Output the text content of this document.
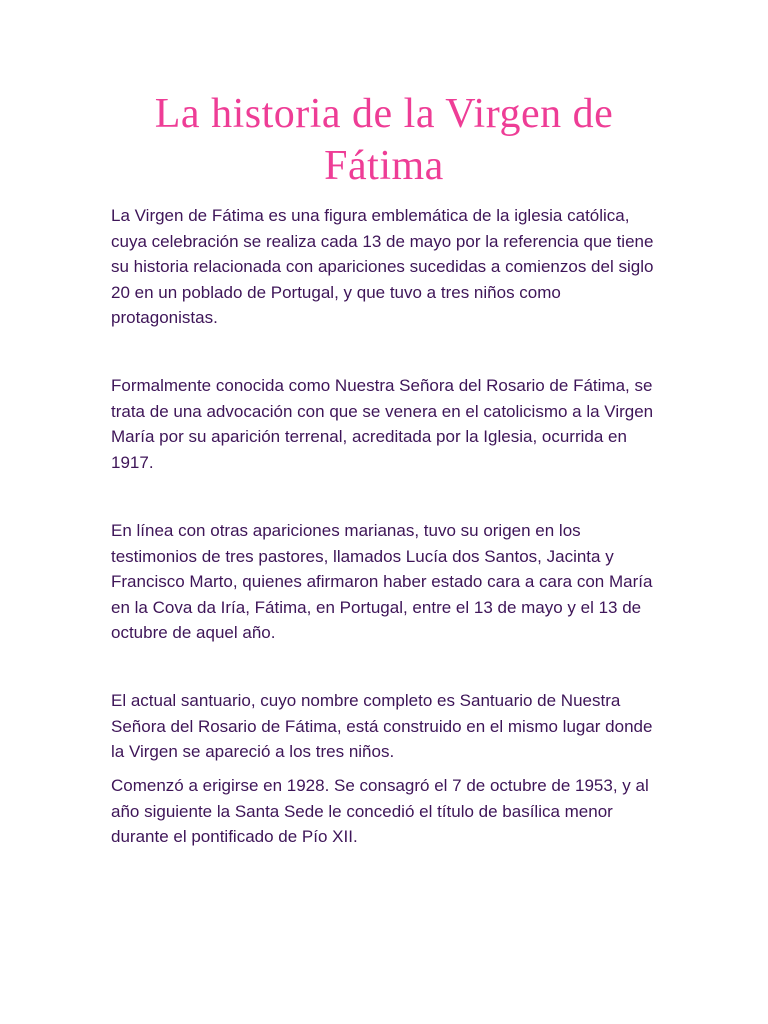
La historia de la Virgen de Fátima

La Virgen de Fátima es una figura emblemática de la iglesia católica, cuya celebración se realiza cada 13 de mayo por la referencia que tiene su historia relacionada con apariciones sucedidas a comienzos del siglo 20 en un poblado de Portugal, y que tuvo a tres niños como protagonistas.

Formalmente conocida como Nuestra Señora del Rosario de Fátima, se trata de una advocación con que se venera en el catolicismo a la Virgen María por su aparición terrenal, acreditada por la Iglesia, ocurrida en 1917.

En línea con otras apariciones marianas, tuvo su origen en los testimonios de tres pastores, llamados Lucía dos Santos, Jacinta y Francisco Marto, quienes afirmaron haber estado cara a cara con María en la Cova da Iría, Fátima, en Portugal, entre el 13 de mayo y el 13 de octubre de aquel año.

El actual santuario, cuyo nombre completo es Santuario de Nuestra Señora del Rosario de Fátima, está construido en el mismo lugar donde la Virgen se apareció a los tres niños.

Comenzó a erigirse en 1928. Se consagró el 7 de octubre de 1953, y al año siguiente la Santa Sede le concedió el título de basílica menor durante el pontificado de Pío XII.
